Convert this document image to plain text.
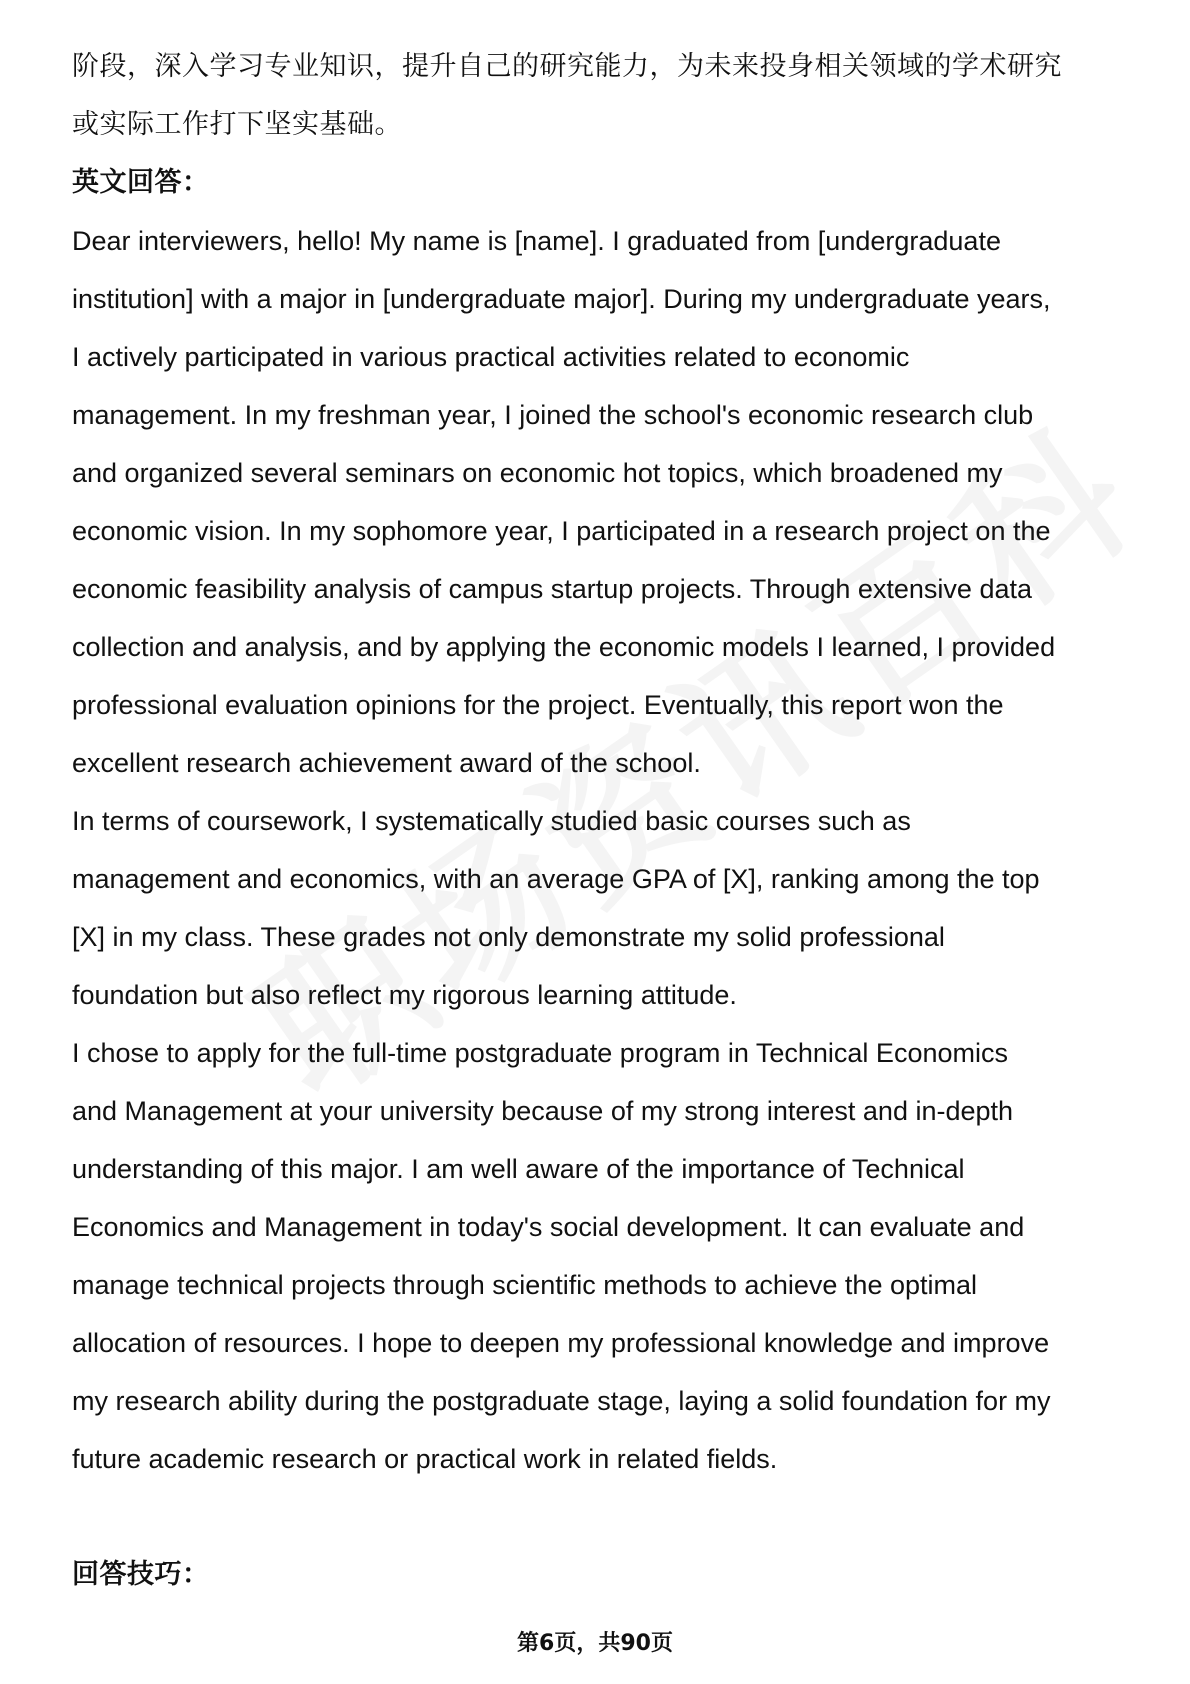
阶段，深入学习专业知识，提升自己的研究能力，为未来投身相关领域的学术研究
或实际工作打下坚实基础。
英文回答：
Dear interviewers, hello! My name is [name]. I graduated from [undergraduate
institution] with a major in [undergraduate major]. During my undergraduate years,
I actively participated in various practical activities related to economic
management. In my freshman year, I joined the school's economic research club
and organized several seminars on economic hot topics, which broadened my
economic vision. In my sophomore year, I participated in a research project on the
economic feasibility analysis of campus startup projects. Through extensive data
collection and analysis, and by applying the economic models I learned, I provided
professional evaluation opinions for the project. Eventually, this report won the
excellent research achievement award of the school.
In terms of coursework, I systematically studied basic courses such as
management and economics, with an average GPA of [X], ranking among the top
[X] in my class. These grades not only demonstrate my solid professional
foundation but also reflect my rigorous learning attitude.
I chose to apply for the full-time postgraduate program in Technical Economics
and Management at your university because of my strong interest and in-depth
understanding of this major. I am well aware of the importance of Technical
Economics and Management in today's social development. It can evaluate and
manage technical projects through scientific methods to achieve the optimal
allocation of resources. I hope to deepen my professional knowledge and improve
my research ability during the postgraduate stage, laying a solid foundation for my
future academic research or practical work in related fields.
回答技巧：
第6页，共90页
